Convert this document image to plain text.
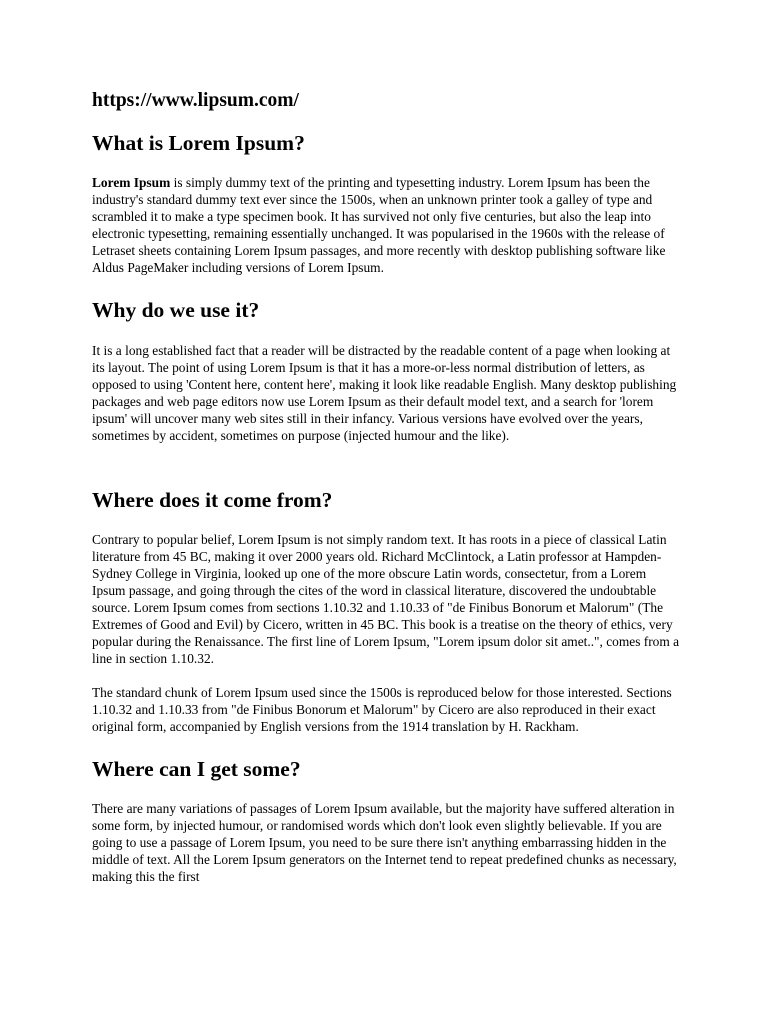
https://www.lipsum.com/
What is Lorem Ipsum?

Lorem Ipsum is simply dummy text of the printing and typesetting industry. Lorem Ipsum has been the industry's standard dummy text ever since the 1500s, when an unknown printer took a galley of type and scrambled it to make a type specimen book. It has survived not only five centuries, but also the leap into electronic typesetting, remaining essentially unchanged. It was popularised in the 1960s with the release of Letraset sheets containing Lorem Ipsum passages, and more recently with desktop publishing software like Aldus PageMaker including versions of Lorem Ipsum.

Why do we use it?

It is a long established fact that a reader will be distracted by the readable content of a page when looking at its layout. The point of using Lorem Ipsum is that it has a more-or-less normal distribution of letters, as opposed to using 'Content here, content here', making it look like readable English. Many desktop publishing packages and web page editors now use Lorem Ipsum as their default model text, and a search for 'lorem ipsum' will uncover many web sites still in their infancy. Various versions have evolved over the years, sometimes by accident, sometimes on purpose (injected humour and the like).

Where does it come from?

Contrary to popular belief, Lorem Ipsum is not simply random text. It has roots in a piece of classical Latin literature from 45 BC, making it over 2000 years old. Richard McClintock, a Latin professor at Hampden-Sydney College in Virginia, looked up one of the more obscure Latin words, consectetur, from a Lorem Ipsum passage, and going through the cites of the word in classical literature, discovered the undoubtable source. Lorem Ipsum comes from sections 1.10.32 and 1.10.33 of "de Finibus Bonorum et Malorum" (The Extremes of Good and Evil) by Cicero, written in 45 BC. This book is a treatise on the theory of ethics, very popular during the Renaissance. The first line of Lorem Ipsum, "Lorem ipsum dolor sit amet..", comes from a line in section 1.10.32.

The standard chunk of Lorem Ipsum used since the 1500s is reproduced below for those interested. Sections 1.10.32 and 1.10.33 from "de Finibus Bonorum et Malorum" by Cicero are also reproduced in their exact original form, accompanied by English versions from the 1914 translation by H. Rackham.

Where can I get some?

There are many variations of passages of Lorem Ipsum available, but the majority have suffered alteration in some form, by injected humour, or randomised words which don't look even slightly believable. If you are going to use a passage of Lorem Ipsum, you need to be sure there isn't anything embarrassing hidden in the middle of text. All the Lorem Ipsum generators on the Internet tend to repeat predefined chunks as necessary, making this the first
